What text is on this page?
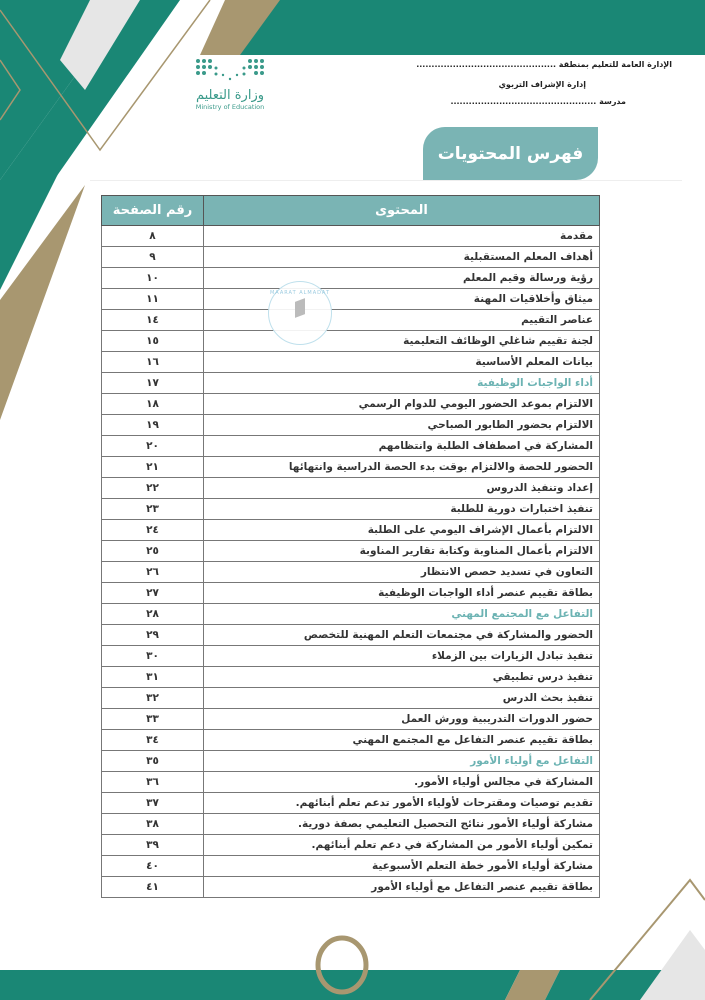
الإدارة العامة للتعليم بمنطقة ..............................................
إدارة الإشراف التربوي
مدرسة ................................................
وزارة التعليم
Ministry of Education
فهرس المحتويات
المحتوى	رقم الصفحة
مقدمة	٨
أهداف المعلم المستقبلية	٩
رؤية ورسالة وقيم المعلم	١٠
ميثاق وأخلاقيات المهنة	١١
عناصر التقييم	١٤
لجنة تقييم شاغلي الوظائف التعليمية	١٥
بيانات المعلم الأساسية	١٦
أداء الواجبات الوظيفية	١٧
الالتزام بموعد الحضور اليومي للدوام الرسمي	١٨
الالتزام بحضور الطابور الصباحي	١٩
المشاركة في اصطفاف الطلبة وانتظامهم	٢٠
الحضور للحصة والالتزام بوقت بدء الحصة الدراسية وانتهائها	٢١
إعداد وتنفيذ الدروس	٢٢
تنفيذ اختبارات دورية للطلبة	٢٣
الالتزام بأعمال الإشراف اليومي على الطلبة	٢٤
الالتزام بأعمال المناوبة وكتابة تقارير المناوبة	٢٥
التعاون في تسديد حصص الانتظار	٢٦
بطاقة تقييم عنصر أداء الواجبات الوظيفية	٢٧
التفاعل مع المجتمع المهني	٢٨
الحضور والمشاركة في مجتمعات التعلم المهنية للتخصص	٢٩
تنفيذ تبادل الزيارات بين الزملاء	٣٠
تنفيذ درس تطبيقي	٣١
تنفيذ بحث الدرس	٣٢
حضور الدورات التدريبية وورش العمل	٣٣
بطاقة تقييم عنصر التفاعل مع المجتمع المهني	٣٤
التفاعل مع أولياء الأمور	٣٥
المشاركة في مجالس أولياء الأمور.	٣٦
تقديم توصيات ومقترحات لأولياء الأمور تدعم تعلم أبنائهم.	٣٧
مشاركة أولياء الأمور نتائج التحصيل التعليمي بصفة دورية.	٣٨
تمكين أولياء الأمور من المشاركة في دعم تعلم أبنائهم.	٣٩
مشاركة أولياء الأمور خطة التعلم الأسبوعية	٤٠
بطاقة تقييم عنصر التفاعل مع أولياء الأمور	٤١
MAARAT ALMADAT
